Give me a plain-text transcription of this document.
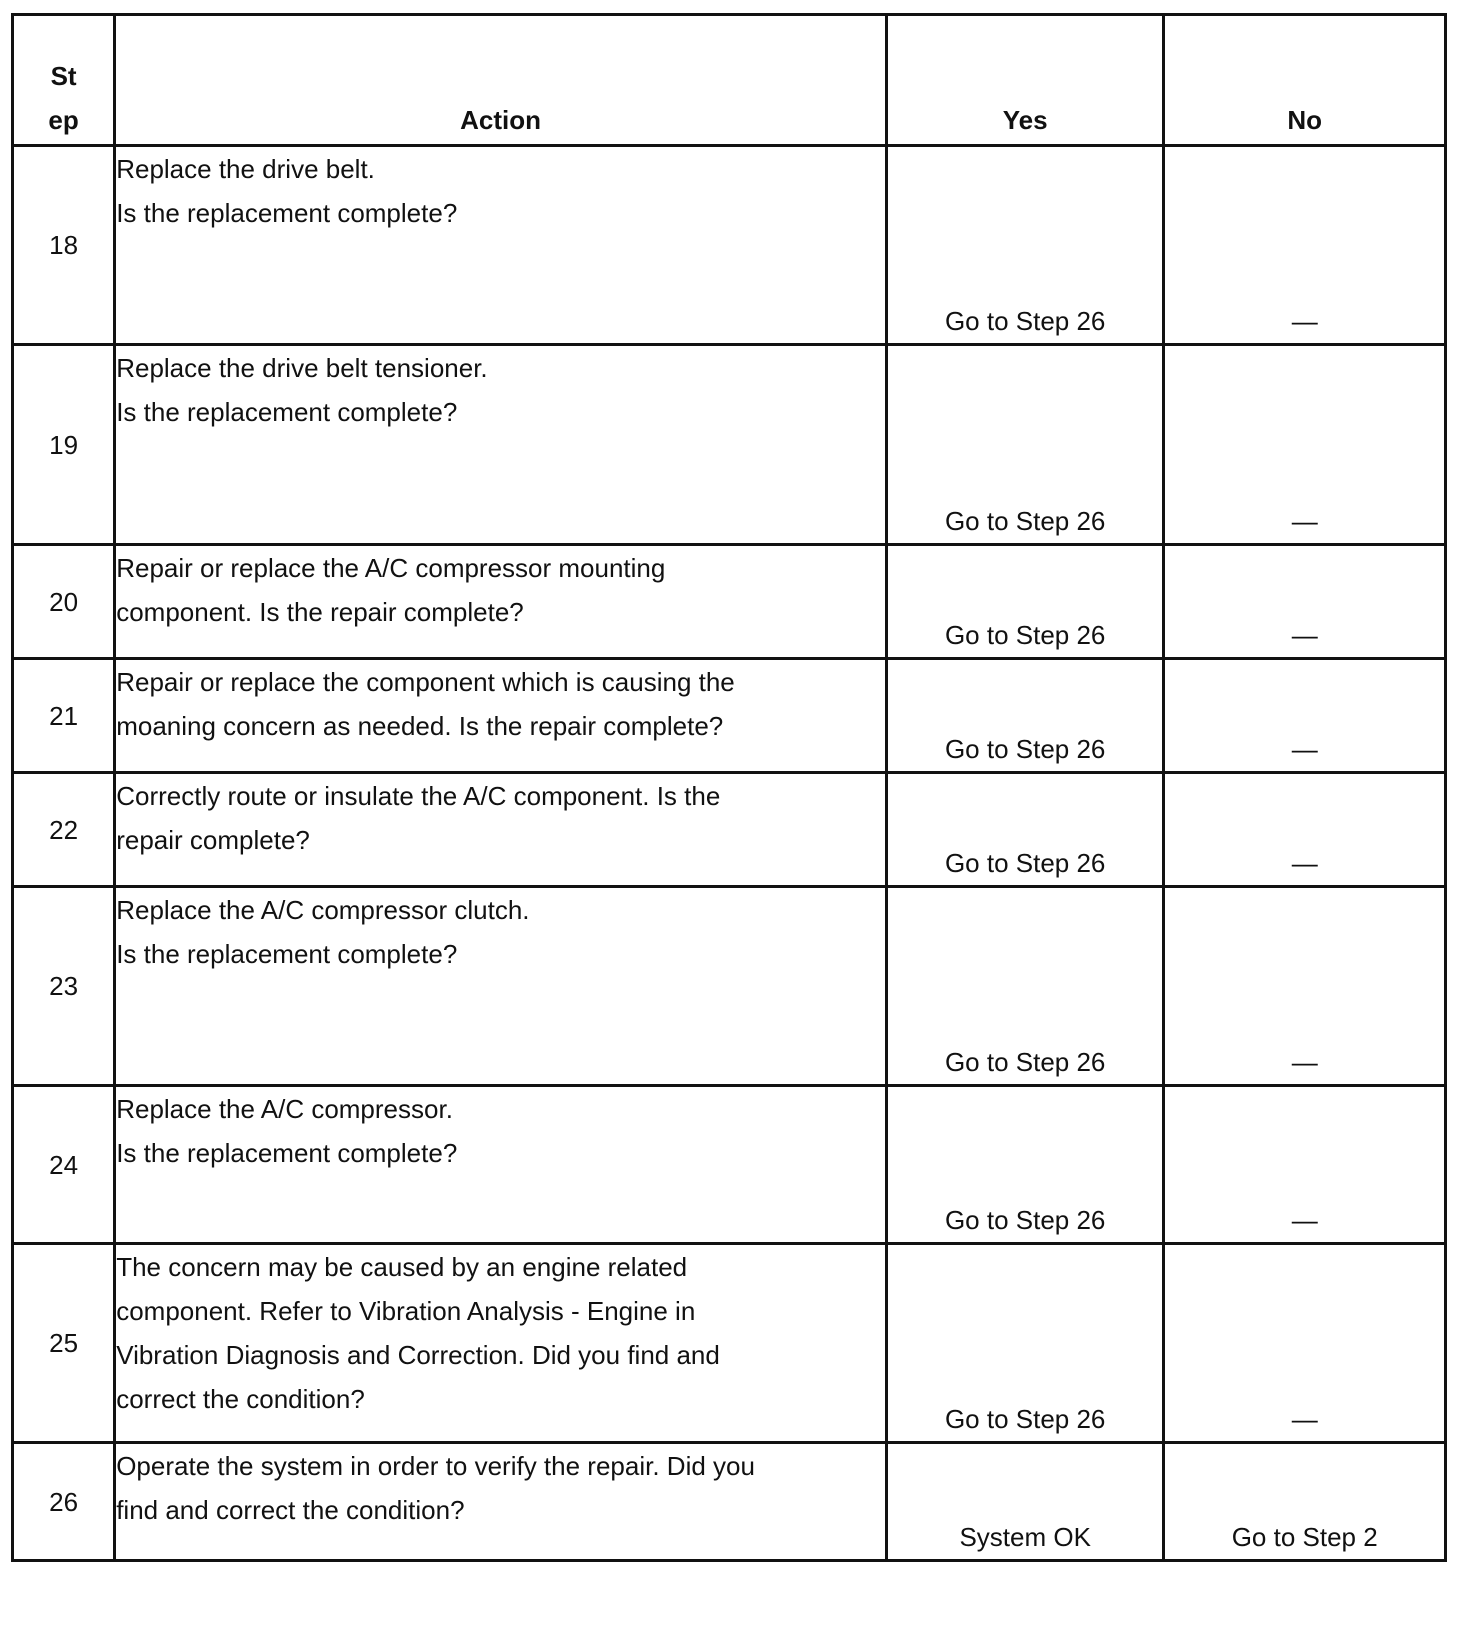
St
ep	Action	Yes	No
18	Replace the drive belt.
Is the replacement complete?	Go to Step 26	—
19	Replace the drive belt tensioner.
Is the replacement complete?	Go to Step 26	—
20	Repair or replace the A/C compressor mounting
component. Is the repair complete?	Go to Step 26	—
21	Repair or replace the component which is causing the
moaning concern as needed. Is the repair complete?	Go to Step 26	—
22	Correctly route or insulate the A/C component. Is the
repair complete?	Go to Step 26	—
23	Replace the A/C compressor clutch.
Is the replacement complete?	Go to Step 26	—
24	Replace the A/C compressor.
Is the replacement complete?	Go to Step 26	—
25	The concern may be caused by an engine related
component. Refer to Vibration Analysis - Engine in
Vibration Diagnosis and Correction. Did you find and
correct the condition?	Go to Step 26	—
26	Operate the system in order to verify the repair. Did you
find and correct the condition?	System OK	Go to Step 2
